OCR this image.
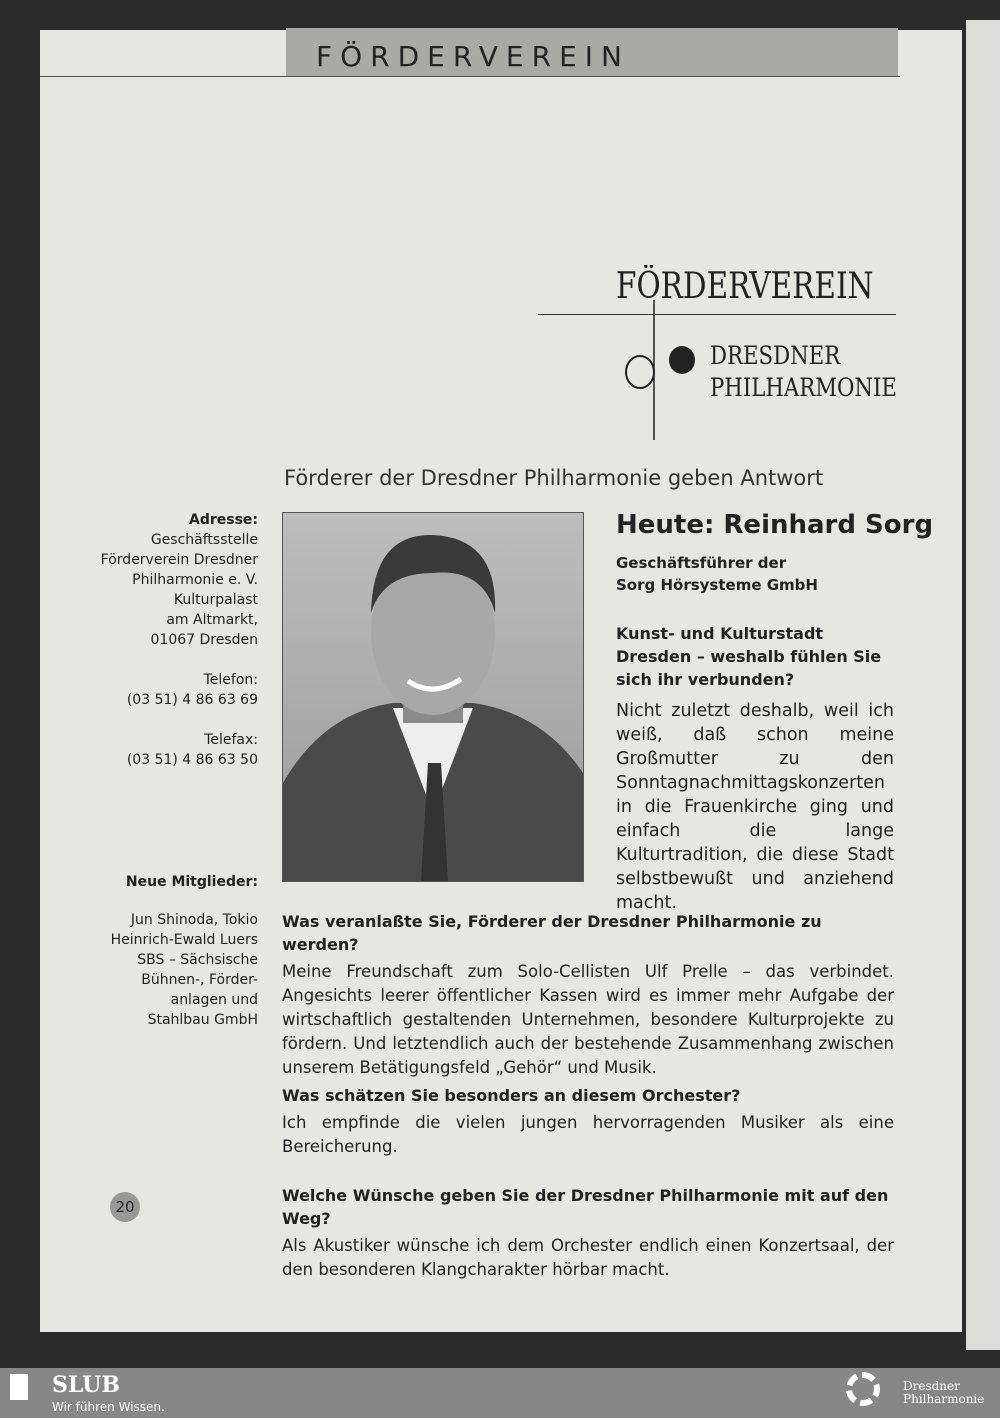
FÖRDERVEREIN
FÖRDERVEREIN
DRESDNER
PHILHARMONIE
Förderer der Dresdner Philharmonie geben Antwort
Adresse:
Geschäftsstelle
Förderverein Dresdner
Philharmonie e. V.
Kulturpalast
am Altmarkt,
01067 Dresden
Telefon:
(03 51) 4 86 63 69
Telefax:
(03 51) 4 86 63 50
Neue Mitglieder:
Jun Shinoda, Tokio
Heinrich-Ewald Luers
SBS – Sächsische
Bühnen-, Förder-
anlagen und
Stahlbau GmbH
Heute: Reinhard Sorg
Geschäftsführer der
Sorg Hörsysteme GmbH
Kunst- und Kulturstadt Dresden – weshalb fühlen Sie sich ihr verbunden?
Nicht zuletzt deshalb, weil ich weiß, daß schon meine Großmutter zu den Sonntagnachmittagskonzerten in die Frauenkirche ging und einfach die lange Kulturtradition, die diese Stadt selbstbewußt und anziehend macht.
Was veranlaßte Sie, Förderer der Dresdner Philharmonie zu werden?
Meine Freundschaft zum Solo-Cellisten Ulf Prelle – das verbindet. Angesichts leerer öffentlicher Kassen wird es immer mehr Aufgabe der wirtschaftlich gestaltenden Unternehmen, besondere Kulturprojekte zu fördern. Und letztendlich auch der bestehende Zusammenhang zwischen unserem Betätigungsfeld „Gehör“ und Musik.
Was schätzen Sie besonders an diesem Orchester?
Ich empfinde die vielen jungen hervorragenden Musiker als eine Bereicherung.
Welche Wünsche geben Sie der Dresdner Philharmonie mit auf den Weg?
Als Akustiker wünsche ich dem Orchester endlich einen Konzertsaal, der den besonderen Klangcharakter hörbar macht.
20
SLUB
Wir führen Wissen.
Dresdner
Philharmonie
